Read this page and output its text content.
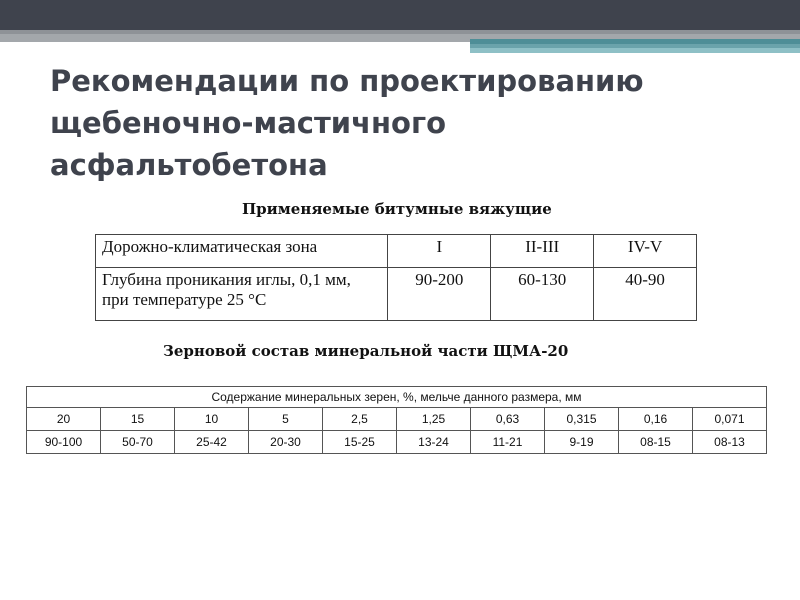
Рекомендации по проектированию
щебеночно-мастичного
асфальтобетона
Применяемые битумные вяжущие
Дорожно-климатическая зона	I	II-III	IV-V
Глубина проникания иглы, 0,1 мм, при температуре 25 °С	90-200	60-130	40-90
Зерновой состав минеральной части ЩМА-20
Содержание минеральных зерен, %, мельче данного размера, мм									
20	15	10	5	2,5	1,25	0,63	0,315	0,16	0,071
90-100	50-70	25-42	20-30	15-25	13-24	11-21	9-19	08-15	08-13
